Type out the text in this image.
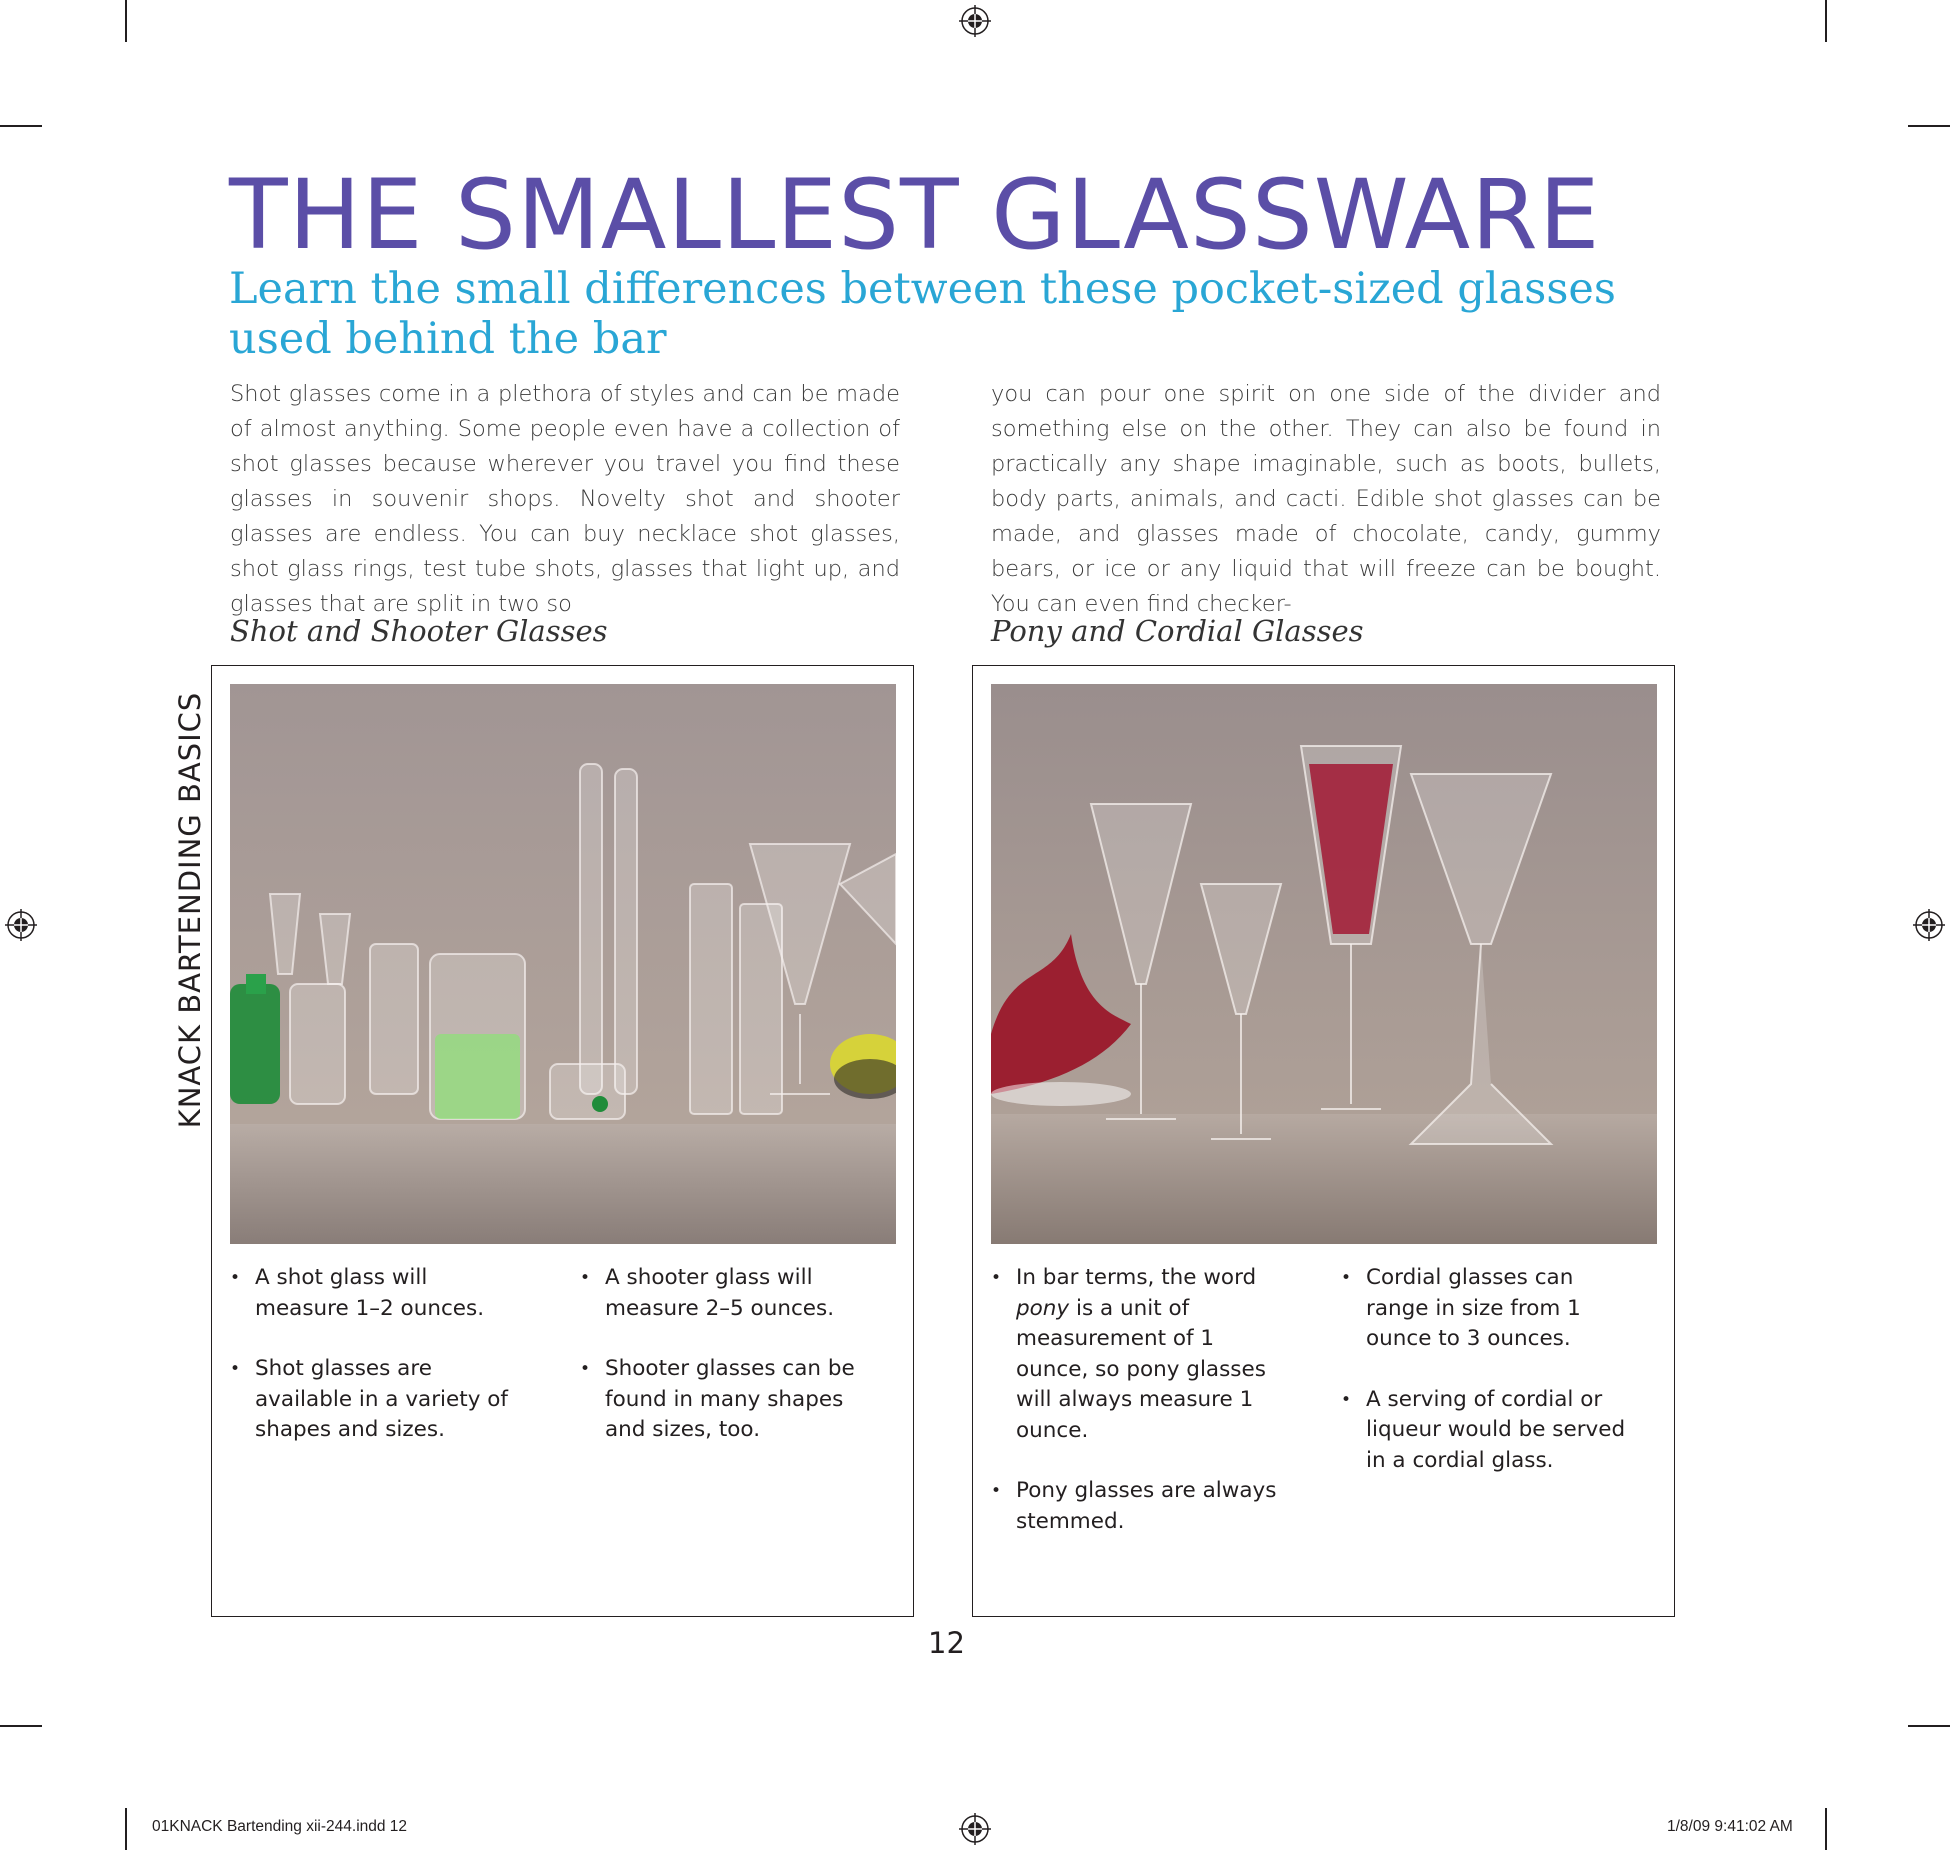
THE SMALLEST GLASSWARE
Learn the small differences between these pocket-sized glasses used behind the bar

Shot glasses come in a plethora of styles and can be made of almost anything. Some people even have a collection of shot glasses because wherever you travel you find these glasses in souvenir shops. Novelty shot and shooter glasses are endless. You can buy necklace shot glasses, shot glass rings, test tube shots, glasses that light up, and glasses that are split in two so

you can pour one spirit on one side of the divider and something else on the other. They can also be found in practically any shape imaginable, such as boots, bullets, body parts, animals, and cacti. Edible shot glasses can be made, and glasses made of chocolate, candy, gummy bears, or ice or any liquid that will freeze can be bought. You can even find checker-

KNACK BARTENDING BASICS

Shot and Shooter Glasses	Pony and Cordial Glasses

• A shot glass will measure 1–2 ounces.
• Shot glasses are available in a variety of shapes and sizes.
• A shooter glass will measure 2–5 ounces.
• Shooter glasses can be found in many shapes and sizes, too.
• In bar terms, the word pony is a unit of measurement of 1 ounce, so pony glasses will always measure 1 ounce.
• Pony glasses are always stemmed.
• Cordial glasses can range in size from 1 ounce to 3 ounces.
• A serving of cordial or liqueur would be served in a cordial glass.

12

01KNACK Bartending xii-244.indd 12	1/8/09 9:41:02 AM
